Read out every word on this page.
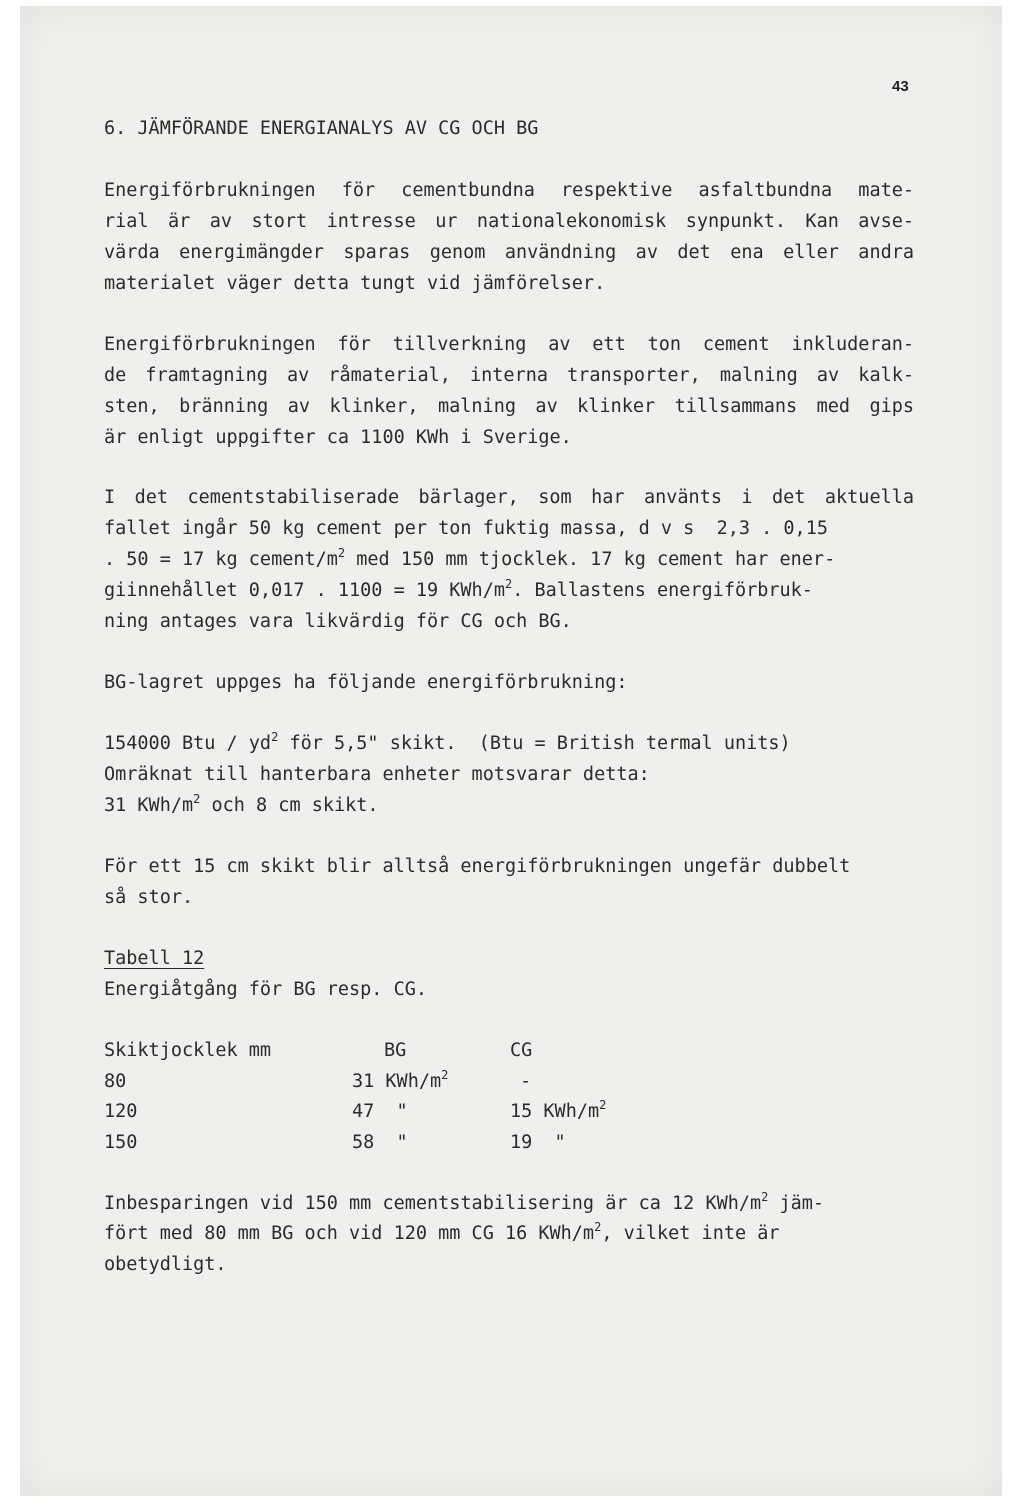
43
6. JÄMFÖRANDE ENERGIANALYS AV CG OCH BG
Energiförbrukningen för cementbundna respektive asfaltbundna mate-
rial är av stort intresse ur nationalekonomisk synpunkt. Kan avse-
värda energimängder sparas genom användning av det ena eller andra
materialet väger detta tungt vid jämförelser.
Energiförbrukningen för tillverkning av ett ton cement inkluderan-
de framtagning av råmaterial, interna transporter, malning av kalk-
sten, bränning av klinker, malning av klinker tillsammans med gips
är enligt uppgifter ca 1100 KWh i Sverige.
I det cementstabiliserade bärlager, som har använts i det aktuella
fallet ingår 50 kg cement per ton fuktig massa, d v s  2,3 . 0,15
. 50 = 17 kg cement/$m^2$ med 150 mm tjocklek. 17 kg cement har ener-
giinnehållet 0,017 . 1100 = 19 KWh/$m^2$. Ballastens energiförbruk-
ning antages vara likvärdig för CG och BG.
BG-lagret uppges ha följande energiförbrukning:
154000 Btu / $yd^2$ för 5,5" skikt.  (Btu = British termal units)
Omräknat till hanterbara enheter motsvarar detta:
31 KWh/$m^2$ och 8 cm skikt.
För ett 15 cm skikt blir alltså energiförbrukningen ungefär dubbelt
så stor.
Tabell 12
Energiåtgång för BG resp. CG.
Skiktjocklek mm	BG	CG
80	31 KWh/$m^2$	-
120	47  "	15 KWh/$m^2$
150	58  "	19  "
Inbesparingen vid 150 mm cementstabilisering är ca 12 KWh/$m^2$ jäm-
fört med 80 mm BG och vid 120 mm CG 16 KWh/$m^2$, vilket inte är
obetydligt.
